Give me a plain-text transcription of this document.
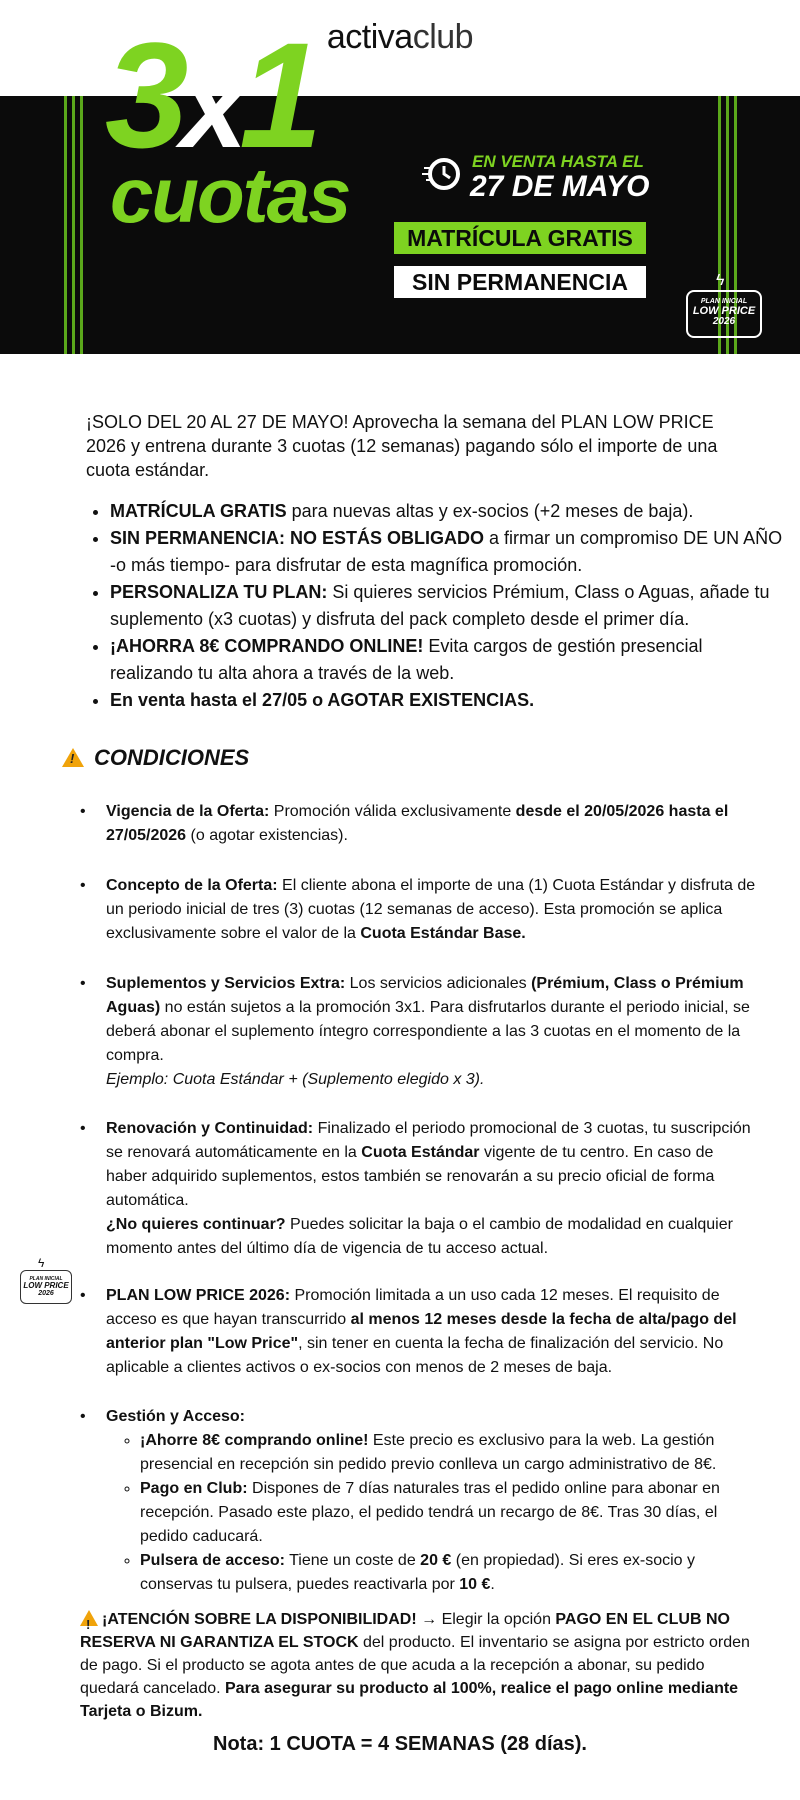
activaclub
3x1
cuotas	EN VENTA HASTA EL
27 DE MAYO
MATRÍCULA GRATIS
SIN PERMANENCIA	ϟ
PLAN INICIAL
LOW PRICE
2026
¡SOLO DEL 20 AL 27 DE MAYO! Aprovecha la semana del PLAN LOW PRICE 2026 y entrena durante 3 cuotas (12 semanas) pagando sólo el importe de una cuota estándar.
• MATRÍCULA GRATIS para nuevas altas y ex-socios (+2 meses de baja).
• SIN PERMANENCIA: NO ESTÁS OBLIGADO a firmar un compromiso DE UN AÑO -o más tiempo- para disfrutar de esta magnífica promoción.
• PERSONALIZA TU PLAN: Si quieres servicios Prémium, Class o Aguas, añade tu suplemento (x3 cuotas) y disfruta del pack completo desde el primer día.
• ¡AHORRA 8€ COMPRANDO ONLINE! Evita cargos de gestión presencial realizando tu alta ahora a través de la web.
• En venta hasta el 27/05 o AGOTAR EXISTENCIAS.
!CONDICIONES
• Vigencia de la Oferta: Promoción válida exclusivamente desde el 20/05/2026 hasta el 27/05/2026 (o agotar existencias).
• Concepto de la Oferta: El cliente abona el importe de una (1) Cuota Estándar y disfruta de un periodo inicial de tres (3) cuotas (12 semanas de acceso). Esta promoción se aplica exclusivamente sobre el valor de la Cuota Estándar Base.
• Suplementos y Servicios Extra: Los servicios adicionales (Prémium, Class o Prémium Aguas) no están sujetos a la promoción 3x1. Para disfrutarlos durante el periodo inicial, se deberá abonar el suplemento íntegro correspondiente a las 3 cuotas en el momento de la compra.
Ejemplo: Cuota Estándar + (Suplemento elegido x 3).
• Renovación y Continuidad: Finalizado el periodo promocional de 3 cuotas, tu suscripción se renovará automáticamente en la Cuota Estándar vigente de tu centro. En caso de haber adquirido suplementos, estos también se renovarán a su precio oficial de forma automática.
¿No quieres continuar? Puedes solicitar la baja o el cambio de modalidad en cualquier momento antes del último día de vigencia de tu acceso actual.
ϟ
PLAN INICIAL
LOW PRICE
2026	• PLAN LOW PRICE 2026: Promoción limitada a un uso cada 12 meses. El requisito de acceso es que hayan transcurrido al menos 12 meses desde la fecha de alta/pago del anterior plan "Low Price", sin tener en cuenta la fecha de finalización del servicio. No aplicable a clientes activos o ex-socios con menos de 2 meses de baja.
• Gestión y Acceso:
◦ ¡Ahorre 8€ comprando online! Este precio es exclusivo para la web. La gestión presencial en recepción sin pedido previo conlleva un cargo administrativo de 8€.
◦ Pago en Club: Dispones de 7 días naturales tras el pedido online para abonar en recepción. Pasado este plazo, el pedido tendrá un recargo de 8€. Tras 30 días, el pedido caducará.
◦ Pulsera de acceso: Tiene un coste de 20 € (en propiedad). Si eres ex-socio y conservas tu pulsera, puedes reactivarla por 10 €.
!¡ATENCIÓN SOBRE LA DISPONIBILIDAD! → Elegir la opción PAGO EN EL CLUB NO RESERVA NI GARANTIZA EL STOCK del producto. El inventario se asigna por estricto orden de pago. Si el producto se agota antes de que acuda a la recepción a abonar, su pedido quedará cancelado. Para asegurar su producto al 100%, realice el pago online mediante Tarjeta o Bizum.
Nota: 1 CUOTA = 4 SEMANAS (28 días).
